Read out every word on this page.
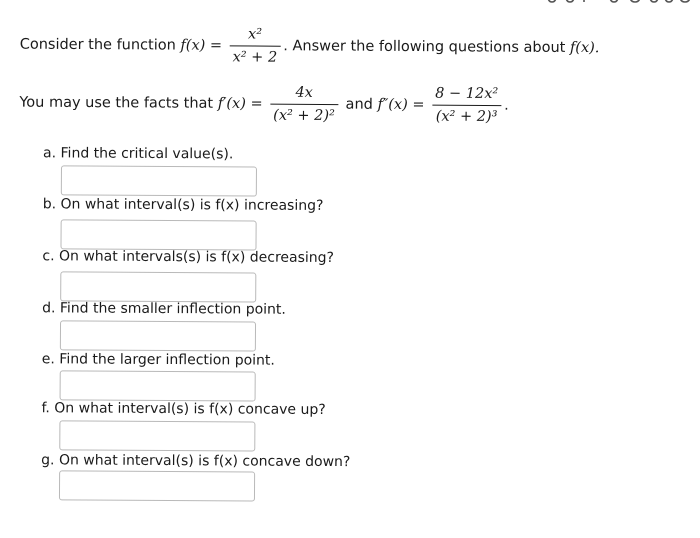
Consider the function $f(x) = \frac{\text{x²}}{\text{x² + 2}}$ . Answer the following questions about f(x).
You may use the facts that $f'(x) = \frac{4x}{\text{(x² + 2)²}}$ and $f''(x) = \frac{\text{8 − 12x²}}{\text{(x² + 2)³}}$ .
a. Find the critical value(s).
b. On what interval(s) is f(x) increasing?
c. On what intervals(s) is f(x) decreasing?
d. Find the smaller inflection point.
e. Find the larger inflection point.
f. On what interval(s) is f(x) concave up?
g. On what interval(s) is f(x) concave down?
